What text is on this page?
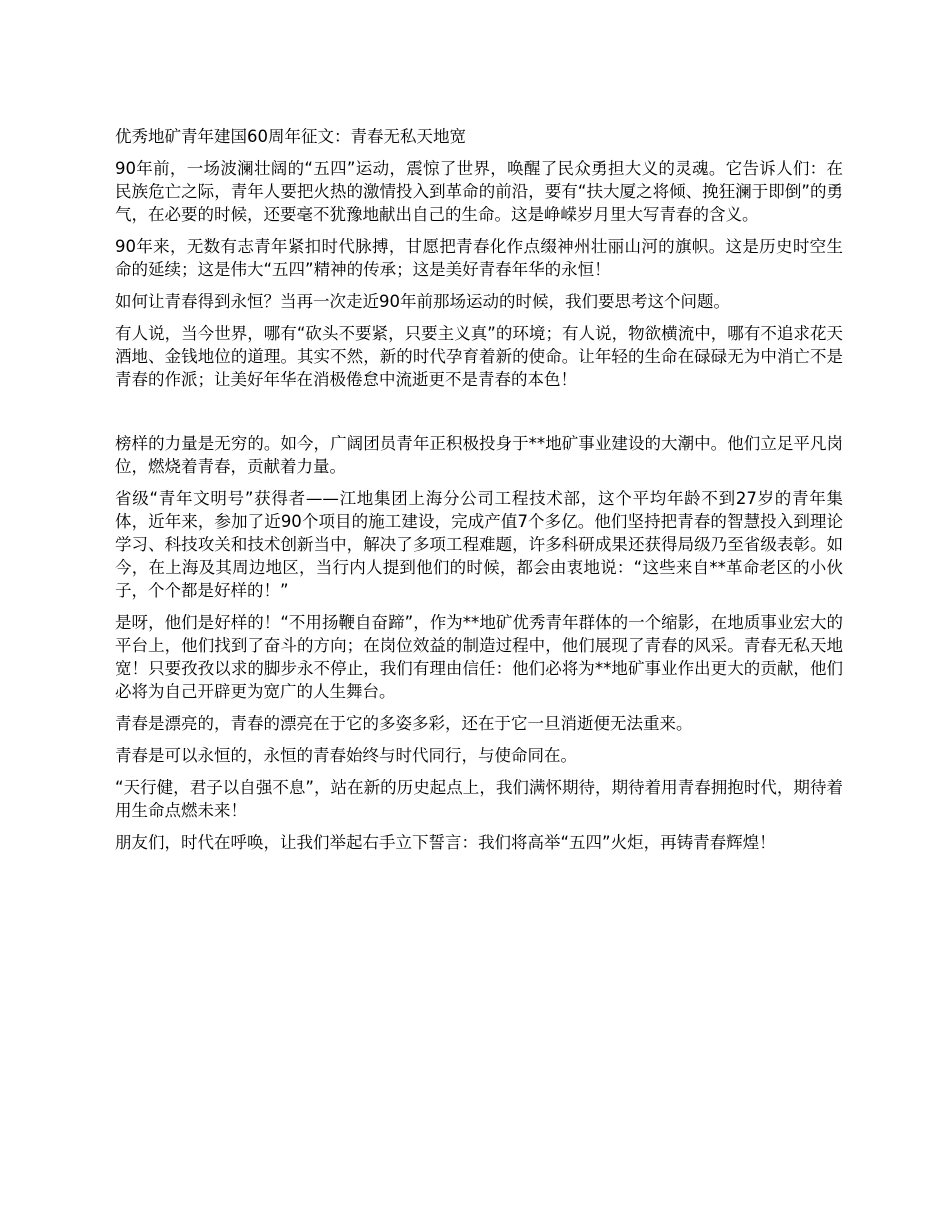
优秀地矿青年建国60周年征文：青春无私天地宽

90年前，一场波澜壮阔的“五四”运动，震惊了世界，唤醒了民众勇担大义的灵魂。它告诉人们：在民族危亡之际，青年人要把火热的激情投入到革命的前沿，要有“扶大厦之将倾、挽狂澜于即倒”的勇气，在必要的时候，还要毫不犹豫地献出自己的生命。这是峥嵘岁月里大写青春的含义。

90年来，无数有志青年紧扣时代脉搏，甘愿把青春化作点缀神州壮丽山河的旗帜。这是历史时空生命的延续；这是伟大“五四”精神的传承；这是美好青春年华的永恒！

如何让青春得到永恒？当再一次走近90年前那场运动的时候，我们要思考这个问题。

有人说，当今世界，哪有“砍头不要紧，只要主义真”的环境；有人说，物欲横流中，哪有不追求花天酒地、金钱地位的道理。其实不然，新的时代孕育着新的使命。让年轻的生命在碌碌无为中消亡不是青春的作派；让美好年华在消极倦怠中流逝更不是青春的本色！

榜样的力量是无穷的。如今，广阔团员青年正积极投身于**地矿事业建设的大潮中。他们立足平凡岗位，燃烧着青春，贡献着力量。

省级“青年文明号”获得者——江地集团上海分公司工程技术部，这个平均年龄不到27岁的青年集体，近年来，参加了近90个项目的施工建设，完成产值7个多亿。他们坚持把青春的智慧投入到理论学习、科技攻关和技术创新当中，解决了多项工程难题，许多科研成果还获得局级乃至省级表彰。如今，在上海及其周边地区，当行内人提到他们的时候，都会由衷地说：“这些来自**革命老区的小伙子，个个都是好样的！”

是呀，他们是好样的！“不用扬鞭自奋蹄”，作为**地矿优秀青年群体的一个缩影，在地质事业宏大的平台上，他们找到了奋斗的方向；在岗位效益的制造过程中，他们展现了青春的风采。青春无私天地宽！只要孜孜以求的脚步永不停止，我们有理由信任：他们必将为**地矿事业作出更大的贡献，他们必将为自己开辟更为宽广的人生舞台。

青春是漂亮的，青春的漂亮在于它的多姿多彩，还在于它一旦消逝便无法重来。

青春是可以永恒的，永恒的青春始终与时代同行，与使命同在。

“天行健，君子以自强不息”，站在新的历史起点上，我们满怀期待，期待着用青春拥抱时代，期待着用生命点燃未来！

朋友们，时代在呼唤，让我们举起右手立下誓言：我们将高举“五四”火炬，再铸青春辉煌！
